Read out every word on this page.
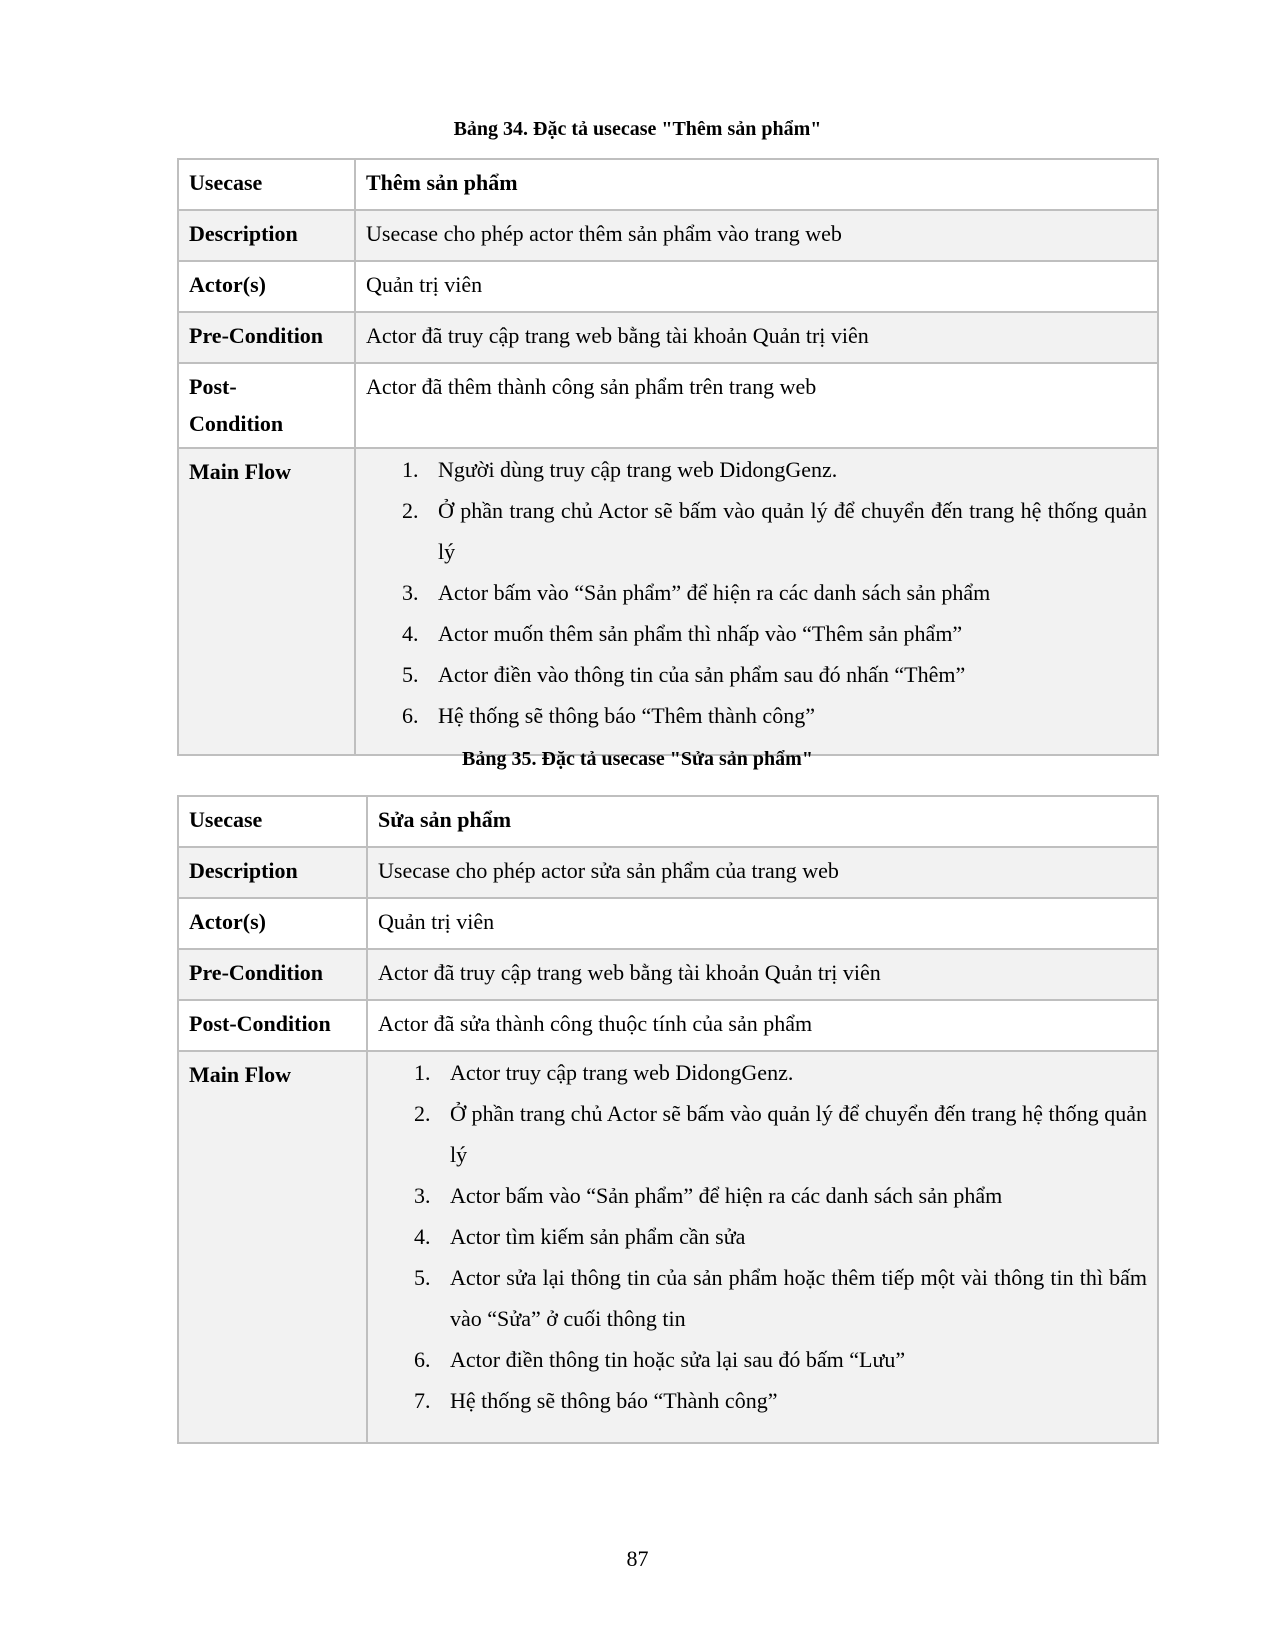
Bảng 34. Đặc tả usecase "Thêm sản phẩm"
Usecase	Thêm sản phẩm

Description	Usecase cho phép actor thêm sản phẩm vào trang web

Actor(s)	Quản trị viên

Pre-Condition	Actor đã truy cập trang web bằng tài khoản Quản trị viên

Post-
Condition	Actor đã thêm thành công sản phẩm trên trang web

Main Flow	1. Người dùng truy cập trang web DidongGenz.
2. Ở phần trang chủ Actor sẽ bấm vào quản lý để chuyển đến trang hệ thống quản lý
3. Actor bấm vào “Sản phẩm” để hiện ra các danh sách sản phẩm
4. Actor muốn thêm sản phẩm thì nhấp vào “Thêm sản phẩm”
5. Actor điền vào thông tin của sản phẩm sau đó nhấn “Thêm”
6. Hệ thống sẽ thông báo “Thêm thành công”
Bảng 35. Đặc tả usecase "Sửa sản phẩm"
Usecase	Sửa sản phẩm

Description	Usecase cho phép actor sửa sản phẩm của trang web

Actor(s)	Quản trị viên

Pre-Condition	Actor đã truy cập trang web bằng tài khoản Quản trị viên

Post-Condition	Actor đã sửa thành công thuộc tính của sản phẩm

Main Flow	1. Actor truy cập trang web DidongGenz.
2. Ở phần trang chủ Actor sẽ bấm vào quản lý để chuyển đến trang hệ thống quản lý
3. Actor bấm vào “Sản phẩm” để hiện ra các danh sách sản phẩm
4. Actor tìm kiếm sản phẩm cần sửa
5. Actor sửa lại thông tin của sản phẩm hoặc thêm tiếp một vài thông tin thì bấm vào “Sửa” ở cuối thông tin
6. Actor điền thông tin hoặc sửa lại sau đó bấm “Lưu”
7. Hệ thống sẽ thông báo “Thành công”
87
